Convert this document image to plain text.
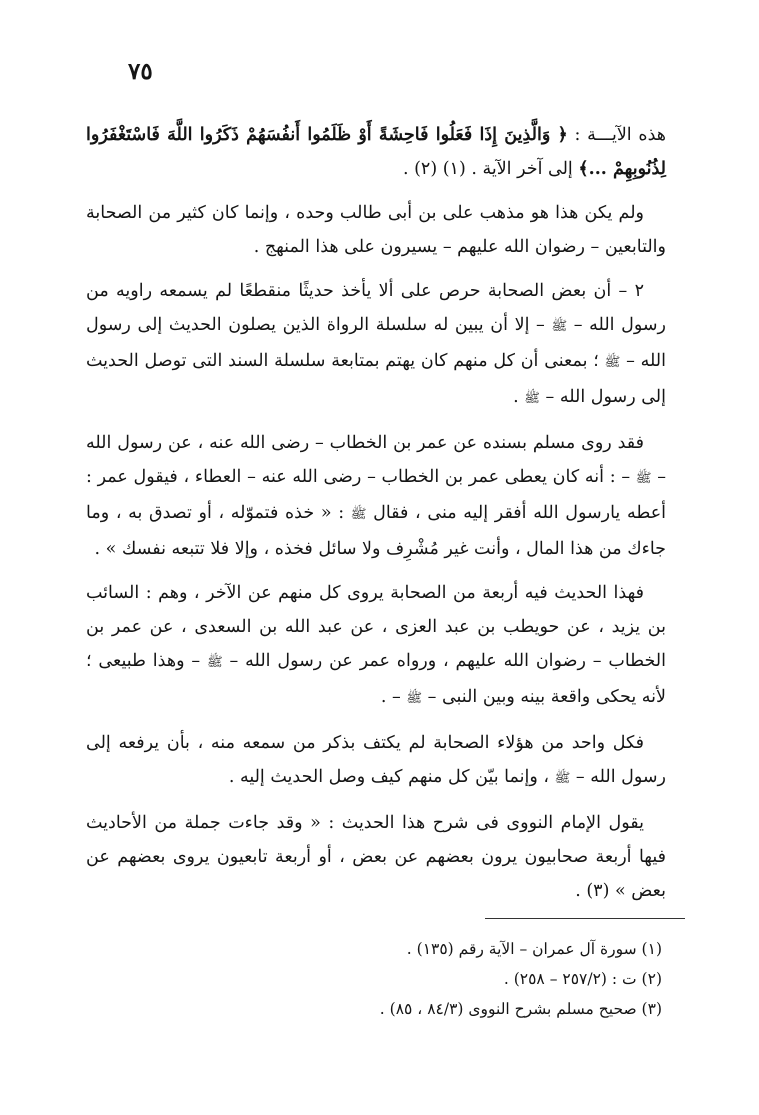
٧٥

هذه الآيـــة : ﴿ وَالَّذِينَ إِذَا فَعَلُوا فَاحِشَةً أَوْ ظَلَمُوا أَنفُسَهُمْ ذَكَرُوا اللَّهَ فَاسْتَغْفَرُوا لِذُنُوبِهِمْ ...﴾ إلى آخر الآية . (١) (٢) .

ولم يكن هذا هو مذهب على بن أبى طالب وحده ، وإنما كان كثير من الصحابة والتابعين – رضوان الله عليهم – يسيرون على هذا المنهج .

٢ – أن بعض الصحابة حرص على ألا يأخذ حديثًا منقطعًا لم يسمعه راويه من رسول الله – ﷺ – إلا أن يبين له سلسلة الرواة الذين يصلون الحديث إلى رسول الله – ﷺ ؛ بمعنى أن كل منهم كان يهتم بمتابعة سلسلة السند التى توصل الحديث إلى رسول الله – ﷺ .

فقد روى مسلم بسنده عن عمر بن الخطاب – رضى الله عنه ، عن رسول الله – ﷺ – : أنه كان يعطى عمر بن الخطاب – رضى الله عنه – العطاء ، فيقول عمر : أعطه يارسول الله أفقر إليه منى ، فقال ﷺ : « خذه فتموّله ، أو تصدق به ، وما جاءك من هذا المال ، وأنت غير مُشْرِف ولا سائل فخذه ، وإلا فلا تتبعه نفسك » .

فهذا الحديث فيه أربعة من الصحابة يروى كل منهم عن الآخر ، وهم : السائب بن يزيد ، عن حويطب بن عبد العزى ، عن عبد الله بن السعدى ، عن عمر بن الخطاب – رضوان الله عليهم ، ورواه عمر عن رسول الله – ﷺ – وهذا طبيعى ؛ لأنه يحكى واقعة بينه وبين النبى – ﷺ – .

فكل واحد من هؤلاء الصحابة لم يكتف بذكر من سمعه منه ، بأن يرفعه إلى رسول الله – ﷺ ، وإنما بيّن كل منهم كيف وصل الحديث إليه .

يقول الإمام النووى فى شرح هذا الحديث : « وقد جاءت جملة من الأحاديث فيها أربعة صحابيون يرون بعضهم عن بعض ، أو أربعة تابعيون يروى بعضهم عن بعض » (٣) .

(١) سورة آل عمران – الآية رقم (١٣٥) .
(٢) ت : (٢٥٧/٢ – ٢٥٨) .
(٣) صحيح مسلم بشرح النووى (٨٤/٣ ، ٨٥) .
